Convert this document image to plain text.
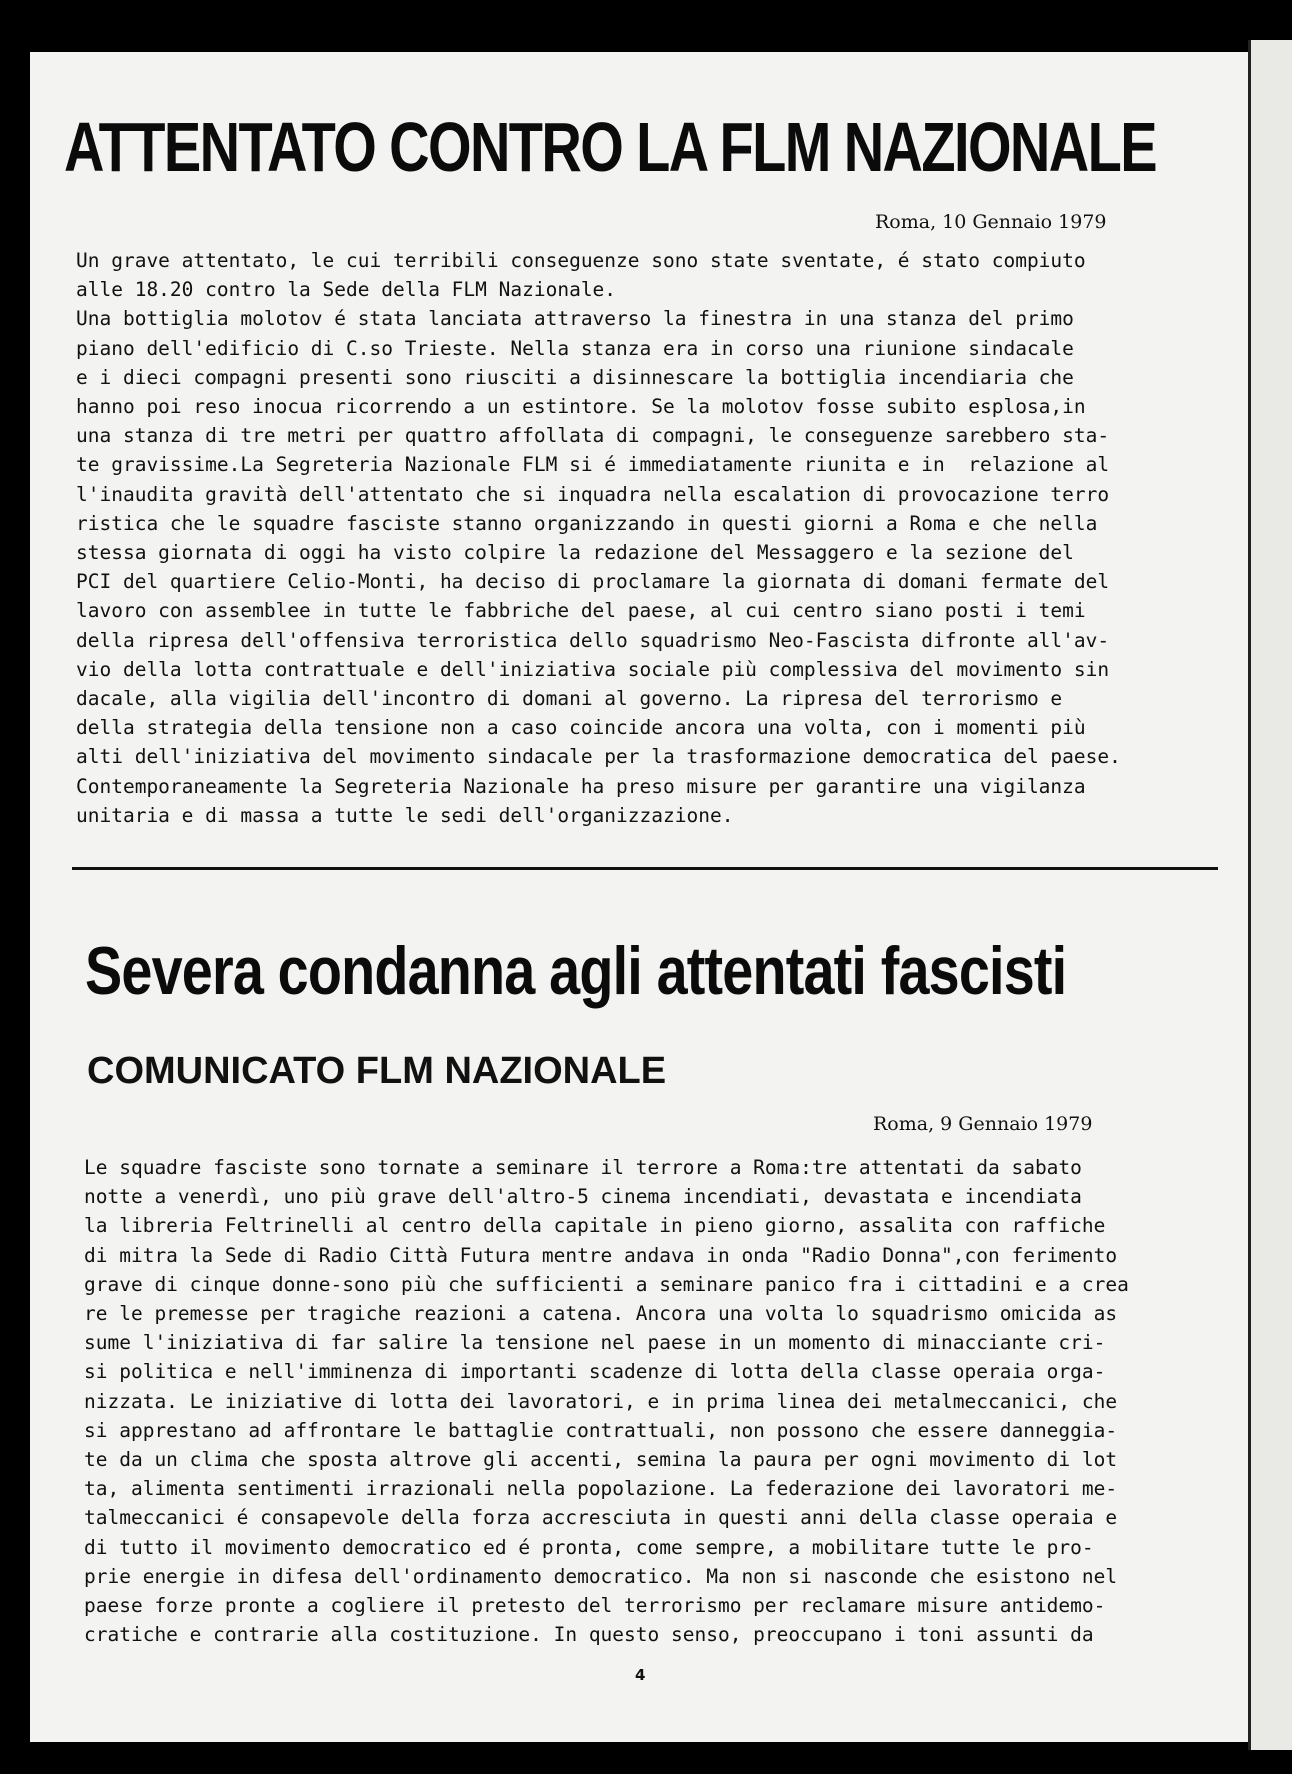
ATTENTATO CONTRO LA FLM NAZIONALE
Roma, 10 Gennaio 1979
Un grave attentato, le cui terribili conseguenze sono state sventate, é stato compiuto
alle 18.20 contro la Sede della FLM Nazionale.
Una bottiglia molotov é stata lanciata attraverso la finestra in una stanza del primo
piano dell'edificio di C.so Trieste. Nella stanza era in corso una riunione sindacale
e i dieci compagni presenti sono riusciti a disinnescare la bottiglia incendiaria che
hanno poi reso inocua ricorrendo a un estintore. Se la molotov fosse subito esplosa,in
una stanza di tre metri per quattro affollata di compagni, le conseguenze sarebbero sta-
te gravissime.La Segreteria Nazionale FLM si é immediatamente riunita e in  relazione al
l'inaudita gravità dell'attentato che si inquadra nella escalation di provocazione terro
ristica che le squadre fasciste stanno organizzando in questi giorni a Roma e che nella
stessa giornata di oggi ha visto colpire la redazione del Messaggero e la sezione del
PCI del quartiere Celio-Monti, ha deciso di proclamare la giornata di domani fermate del
lavoro con assemblee in tutte le fabbriche del paese, al cui centro siano posti i temi
della ripresa dell'offensiva terroristica dello squadrismo Neo-Fascista difronte all'av-
vio della lotta contrattuale e dell'iniziativa sociale più complessiva del movimento sin
dacale, alla vigilia dell'incontro di domani al governo. La ripresa del terrorismo e
della strategia della tensione non a caso coincide ancora una volta, con i momenti più
alti dell'iniziativa del movimento sindacale per la trasformazione democratica del paese.
Contemporaneamente la Segreteria Nazionale ha preso misure per garantire una vigilanza
unitaria e di massa a tutte le sedi dell'organizzazione.
Severa condanna agli attentati fascisti
COMUNICATO FLM NAZIONALE
Roma, 9 Gennaio 1979
Le squadre fasciste sono tornate a seminare il terrore a Roma:tre attentati da sabato
notte a venerdì, uno più grave dell'altro-5 cinema incendiati, devastata e incendiata
la libreria Feltrinelli al centro della capitale in pieno giorno, assalita con raffiche
di mitra la Sede di Radio Città Futura mentre andava in onda "Radio Donna",con ferimento
grave di cinque donne-sono più che sufficienti a seminare panico fra i cittadini e a crea
re le premesse per tragiche reazioni a catena. Ancora una volta lo squadrismo omicida as
sume l'iniziativa di far salire la tensione nel paese in un momento di minacciante cri-
si politica e nell'imminenza di importanti scadenze di lotta della classe operaia orga-
nizzata. Le iniziative di lotta dei lavoratori, e in prima linea dei metalmeccanici, che
si apprestano ad affrontare le battaglie contrattuali, non possono che essere danneggia-
te da un clima che sposta altrove gli accenti, semina la paura per ogni movimento di lot
ta, alimenta sentimenti irrazionali nella popolazione. La federazione dei lavoratori me-
talmeccanici é consapevole della forza accresciuta in questi anni della classe operaia e
di tutto il movimento democratico ed é pronta, come sempre, a mobilitare tutte le pro-
prie energie in difesa dell'ordinamento democratico. Ma non si nasconde che esistono nel
paese forze pronte a cogliere il pretesto del terrorismo per reclamare misure antidemo-
cratiche e contrarie alla costituzione. In questo senso, preoccupano i toni assunti da
4
